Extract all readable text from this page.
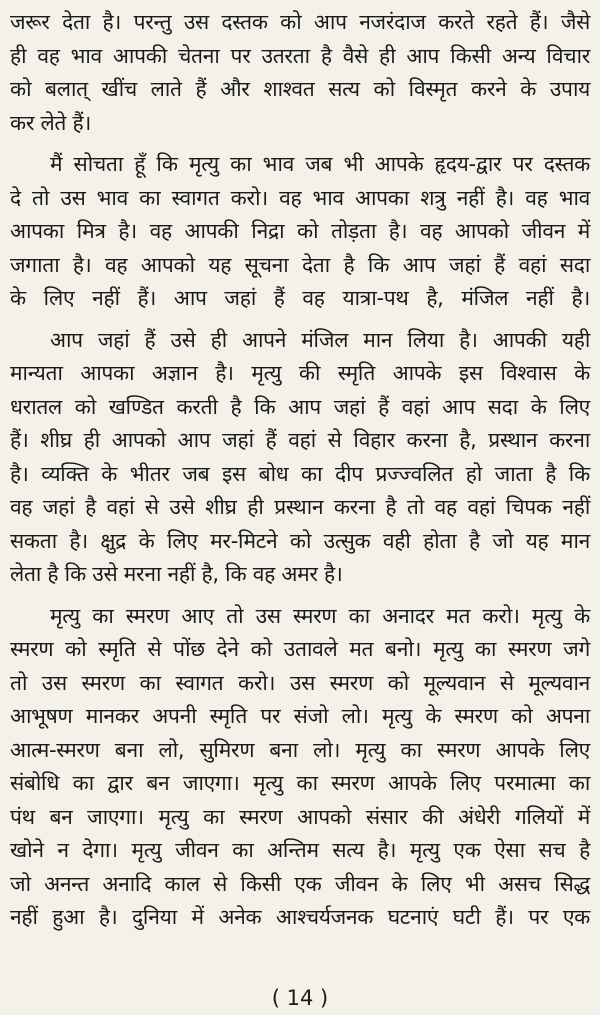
जरूर देता है। परन्तु उस दस्तक को आप नजरंदाज करते रहते हैं। जैसे
ही वह भाव आपकी चेतना पर उतरता है वैसे ही आप किसी अन्य विचार
को बलात् खींच लाते हैं और शाश्वत सत्य को विस्मृत करने के उपाय
कर लेते हैं।

मैं सोचता हूँ कि मृत्यु का भाव जब भी आपके हृदय-द्वार पर दस्तक
दे तो उस भाव का स्वागत करो। वह भाव आपका शत्रु नहीं है। वह भाव
आपका मित्र है। वह आपकी निद्रा को तोड़ता है। वह आपको जीवन में
जगाता है। वह आपको यह सूचना देता है कि आप जहां हैं वहां सदा
के लिए नहीं हैं। आप जहां हैं वह यात्रा-पथ है, मंजिल नहीं है।

आप जहां हैं उसे ही आपने मंजिल मान लिया है। आपकी यही
मान्यता आपका अज्ञान है। मृत्यु की स्मृति आपके इस विश्वास के
धरातल को खण्डित करती है कि आप जहां हैं वहां आप सदा के लिए
हैं। शीघ्र ही आपको आप जहां हैं वहां से विहार करना है, प्रस्थान करना
है। व्यक्ति के भीतर जब इस बोध का दीप प्रज्ज्वलित हो जाता है कि
वह जहां है वहां से उसे शीघ्र ही प्रस्थान करना है तो वह वहां चिपक नहीं
सकता है। क्षुद्र के लिए मर-मिटने को उत्सुक वही होता है जो यह मान
लेता है कि उसे मरना नहीं है, कि वह अमर है।

मृत्यु का स्मरण आए तो उस स्मरण का अनादर मत करो। मृत्यु के
स्मरण को स्मृति से पोंछ देने को उतावले मत बनो। मृत्यु का स्मरण जगे
तो उस स्मरण का स्वागत करो। उस स्मरण को मूल्यवान से मूल्यवान
आभूषण मानकर अपनी स्मृति पर संजो लो। मृत्यु के स्मरण को अपना
आत्म-स्मरण बना लो, सुमिरण बना लो। मृत्यु का स्मरण आपके लिए
संबोधि का द्वार बन जाएगा। मृत्यु का स्मरण आपके लिए परमात्मा का
पंथ बन जाएगा। मृत्यु का स्मरण आपको संसार की अंधेरी गलियों में
खोने न देगा। मृत्यु जीवन का अन्तिम सत्य है। मृत्यु एक ऐसा सच है
जो अनन्त अनादि काल से किसी एक जीवन के लिए भी असच सिद्ध
नहीं हुआ है। दुनिया में अनेक आश्चर्यजनक घटनाएं घटी हैं। पर एक

( 14 )
